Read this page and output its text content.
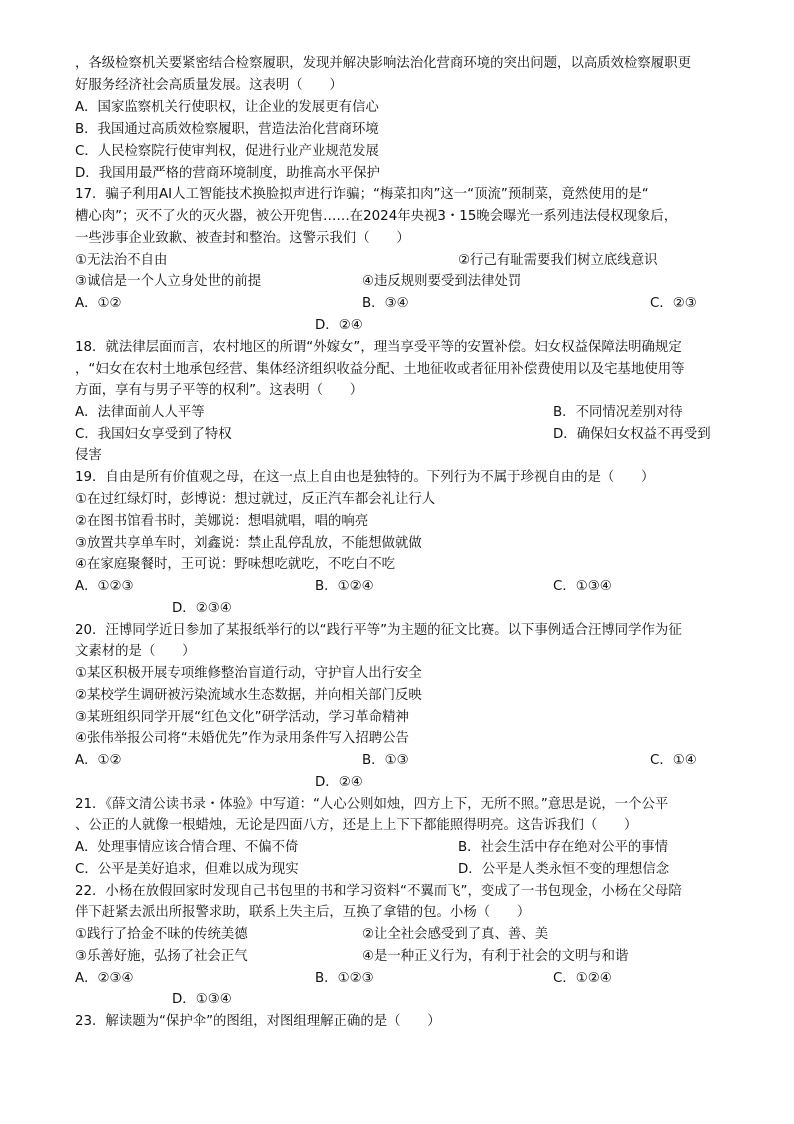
，各级检察机关要紧密结合检察履职，发现并解决影响法治化营商环境的突出问题，以高质效检察履职更
好服务经济社会高质量发展。这表明（　　）
A．国家监察机关行使职权，让企业的发展更有信心
B．我国通过高质效检察履职，营造法治化营商环境
C．人民检察院行使审判权，促进行业产业规范发展
D．我国用最严格的营商环境制度，助推高水平保护
17．骗子利用AI人工智能技术换脸拟声进行诈骗；“梅菜扣肉”这一“顶流”预制菜，竟然使用的是“
槽心肉”；灭不了火的灭火器，被公开兜售……在2024年央视3・15晚会曝光一系列违法侵权现象后，
一些涉事企业致歉、被查封和整治。这警示我们（　　）
①无法治不自由	②行己有耻需要我们树立底线意识
③诚信是一个人立身处世的前提	④违反规则要受到法律处罚
A．①②	B．③④	C．②③
D．②④
18．就法律层面而言，农村地区的所谓“外嫁女”，理当享受平等的安置补偿。妇女权益保障法明确规定
，“妇女在农村土地承包经营、集体经济组织收益分配、土地征收或者征用补偿费使用以及宅基地使用等
方面，享有与男子平等的权利”。这表明（　　）
A．法律面前人人平等	B．不同情况差别对待
C．我国妇女享受到了特权	D．确保妇女权益不再受到
侵害
19．自由是所有价值观之母，在这一点上自由也是独特的。下列行为不属于珍视自由的是（　　）
①在过红绿灯时，彭博说：想过就过，反正汽车都会礼让行人
②在图书馆看书时，美娜说：想唱就唱，唱的响亮
③放置共享单车时，刘鑫说：禁止乱停乱放，不能想做就做
④在家庭聚餐时，王可说：野味想吃就吃，不吃白不吃
A．①②③	B．①②④	C．①③④
D．②③④
20．汪博同学近日参加了某报纸举行的以“践行平等”为主题的征文比赛。以下事例适合汪博同学作为征
文素材的是（　　）
①某区积极开展专项维修整治盲道行动，守护盲人出行安全
②某校学生调研被污染流域水生态数据，并向相关部门反映
③某班组织同学开展“红色文化”研学活动，学习革命精神
④张伟举报公司将“未婚优先”作为录用条件写入招聘公告
A．①②	B．①③	C．①④
D．②④
21．《薛文清公读书录・体验》中写道：“人心公则如烛，四方上下，无所不照。”意思是说，一个公平
、公正的人就像一根蜡烛，无论是四面八方，还是上上下下都能照得明亮。这告诉我们（　　）
A．处理事情应该合情合理、不偏不倚	B．社会生活中存在绝对公平的事情
C．公平是美好追求，但难以成为现实	D．公平是人类永恒不变的理想信念
22．小杨在放假回家时发现自己书包里的书和学习资料“不翼而飞”，变成了一书包现金，小杨在父母陪
伴下赶紧去派出所报警求助，联系上失主后，互换了拿错的包。小杨（　　）
①践行了拾金不昧的传统美德	②让全社会感受到了真、善、美
③乐善好施，弘扬了社会正气	④是一种正义行为，有利于社会的文明与和谐
A．②③④	B．①②③	C．①②④
D．①③④
23．解读题为“保护伞”的图组，对图组理解正确的是（　　）
